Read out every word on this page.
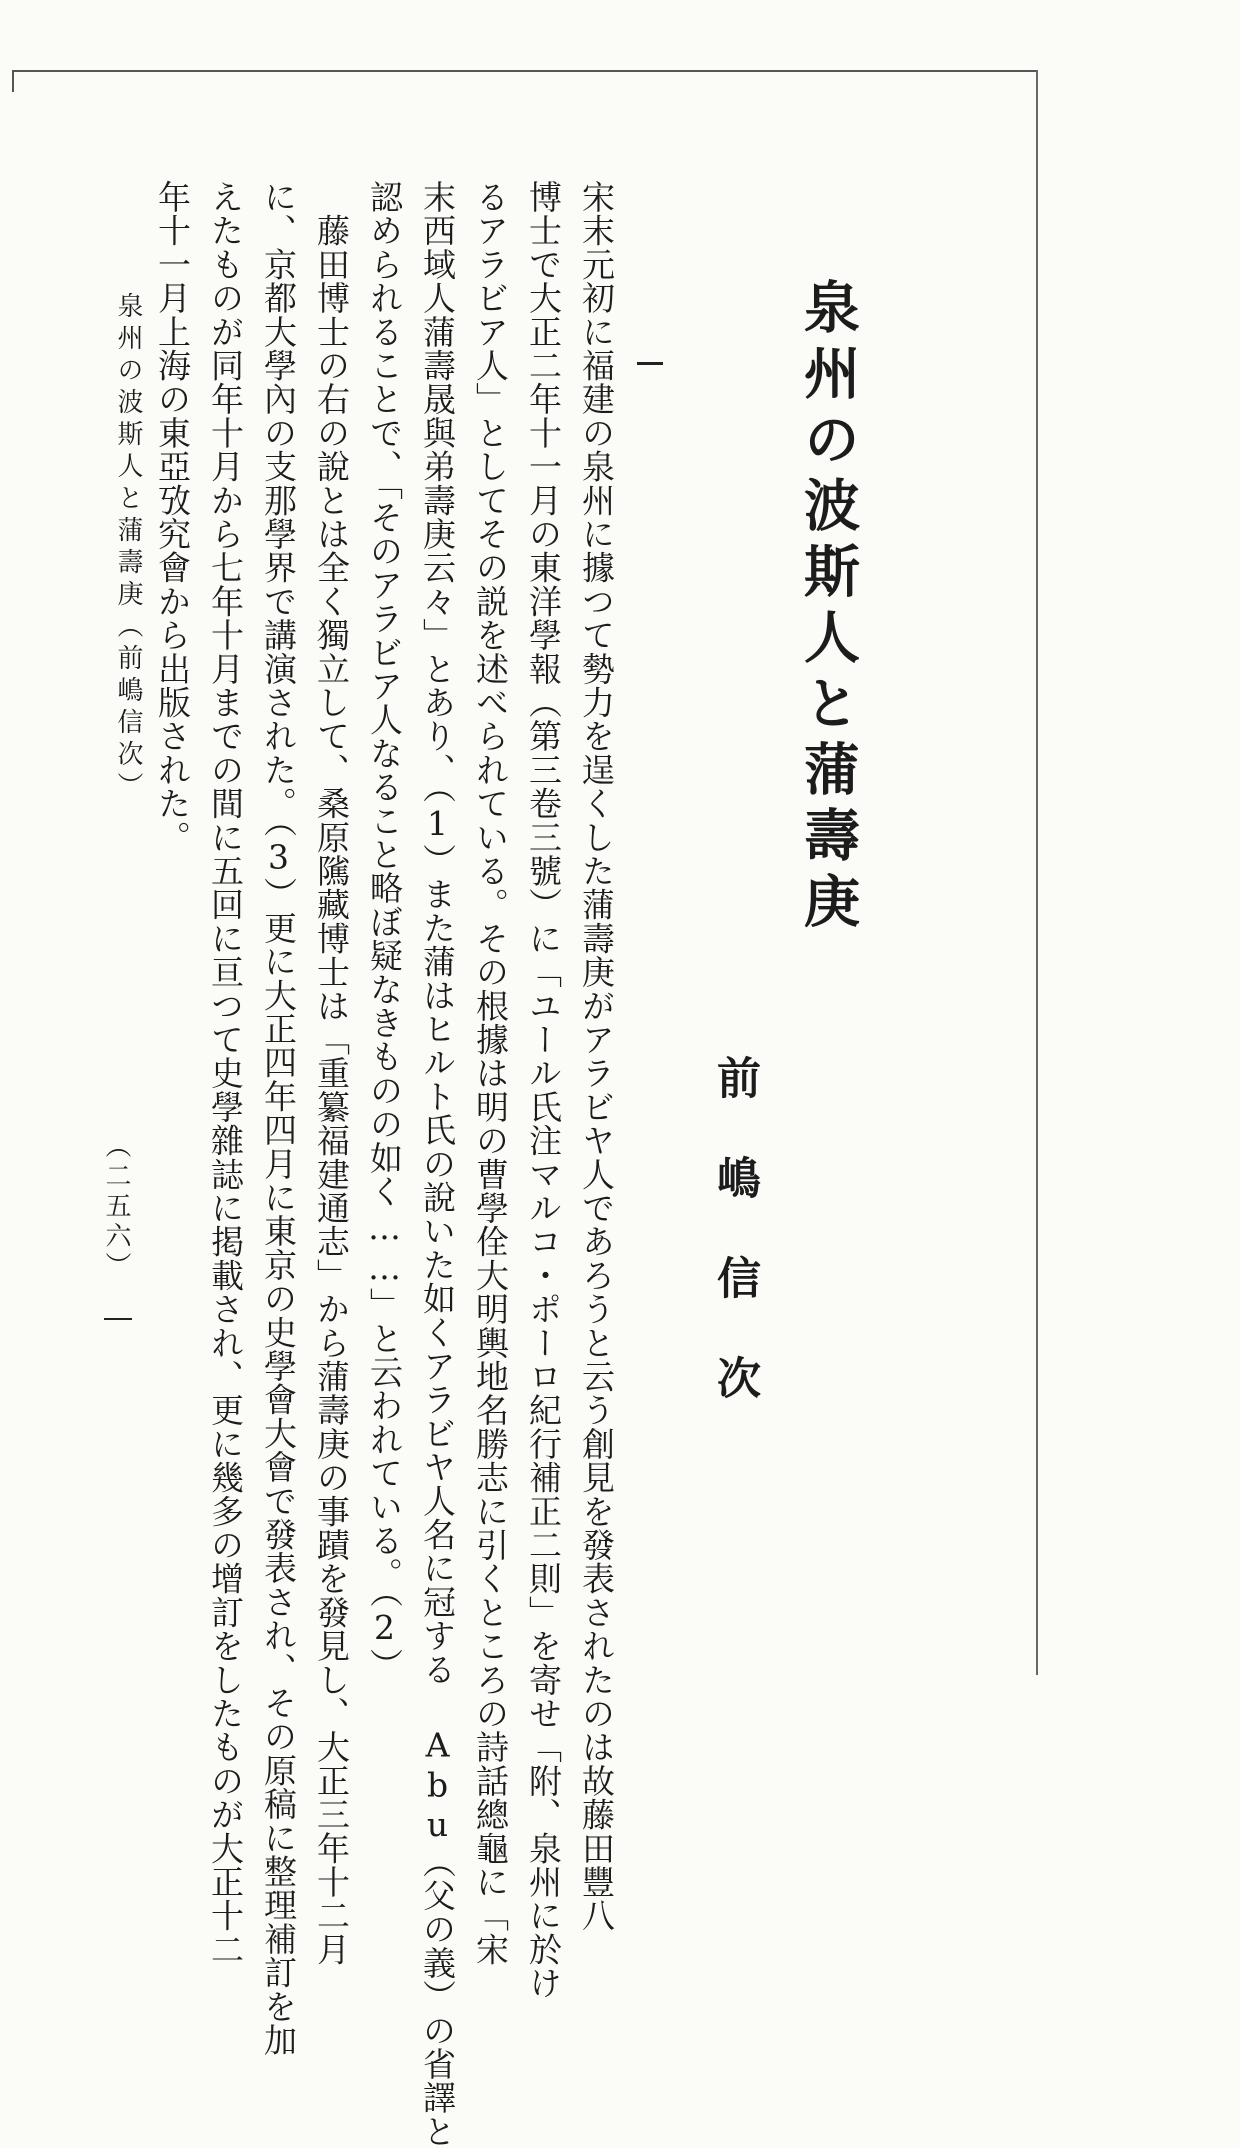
泉州の波斯人と蒲壽庚
前嶋信次
宋末元初に福建の泉州に據つて勢力を逞くした蒲壽庚がアラビヤ人であろうと云う創見を發表されたのは故藤田豐八
博士で大正二年十一月の東洋學報（第三卷三號）に「ユール氏注マルコ・ポーロ紀行補正二則」を寄せ「附、泉州に於け
るアラビア人」としてその説を述べられている。その根據は明の曹學佺大明輿地名勝志に引くところの詩話總龜に「宋
末西域人蒲壽晟與弟壽庚云々」とあり、（1）また蒲はヒルト氏の說いた如くアラビヤ人名に冠する Abu（父の義）の省譯と
認められることで、「そのアラビア人なること略ぼ疑なきものの如く……」と云われている。（2）
　藤田博士の右の說とは全く獨立して、桑原隲藏博士は「重纂福建通志」から蒲壽庚の事蹟を發見し、大正三年十二月
に、京都大學內の支那學界で講演された。（3）更に大正四年四月に東京の史學會大會で發表され、その原稿に整理補訂を加
えたものが同年十月から七年十月までの間に五回に亘つて史學雜誌に掲載され、更に幾多の增訂をしたものが大正十二
年十一月上海の東亞攷究會から出版された。
泉州の波斯人と蒲壽庚（前嶋信次）
（二五六）
